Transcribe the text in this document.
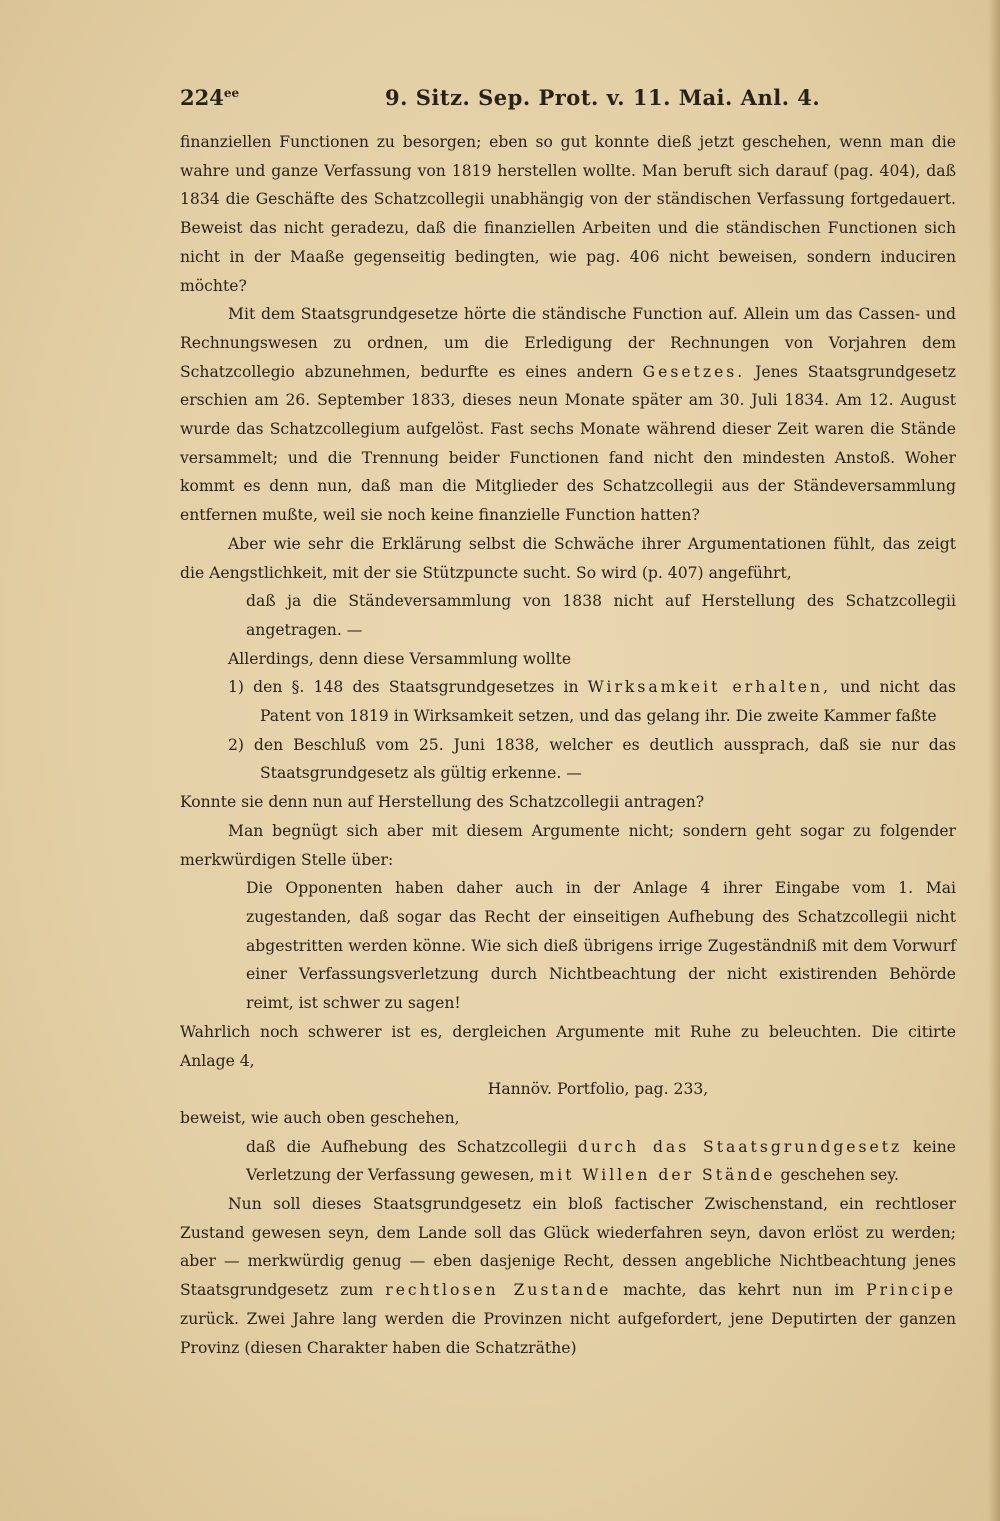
$224^{ee}$	9. Sitz. Sep. Prot. v. 11. Mai. Anl. 4.

finanziellen Functionen zu besorgen; eben so gut konnte dieß jetzt geschehen, wenn man die wahre und ganze Verfassung von 1819 herstellen wollte. Man beruft sich darauf (pag. 404), daß 1834 die Geschäfte des Schatzcollegii unabhängig von der ständischen Verfassung fortgedauert. Beweist das nicht geradezu, daß die finanziellen Arbeiten und die ständischen Functionen sich nicht in der Maaße gegenseitig bedingten, wie pag. 406 nicht beweisen, sondern induciren möchte?

Mit dem Staatsgrundgesetze hörte die ständische Function auf. Allein um das Cassen- und Rechnungswesen zu ordnen, um die Erledigung der Rechnungen von Vorjahren dem Schatzcollegio abzunehmen, bedurfte es eines andern Gesetzes. Jenes Staatsgrundgesetz erschien am 26. September 1833, dieses neun Monate später am 30. Juli 1834. Am 12. August wurde das Schatzcollegium aufgelöst. Fast sechs Monate während dieser Zeit waren die Stände versammelt; und die Trennung beider Functionen fand nicht den mindesten Anstoß. Woher kommt es denn nun, daß man die Mitglieder des Schatzcollegii aus der Ständeversammlung entfernen mußte, weil sie noch keine finanzielle Function hatten?

Aber wie sehr die Erklärung selbst die Schwäche ihrer Argumentationen fühlt, das zeigt die Aengstlichkeit, mit der sie Stützpuncte sucht. So wird (p. 407) angeführt,

daß ja die Ständeversammlung von 1838 nicht auf Herstellung des Schatzcollegii angetragen. —

Allerdings, denn diese Versammlung wollte

1) den §. 148 des Staatsgrundgesetzes in Wirksamkeit erhalten, und nicht das Patent von 1819 in Wirksamkeit setzen, und das gelang ihr. Die zweite Kammer faßte

2) den Beschluß vom 25. Juni 1838, welcher es deutlich aussprach, daß sie nur das Staatsgrundgesetz als gültig erkenne. —

Konnte sie denn nun auf Herstellung des Schatzcollegii antragen?

Man begnügt sich aber mit diesem Argumente nicht; sondern geht sogar zu folgender merkwürdigen Stelle über:

Die Opponenten haben daher auch in der Anlage 4 ihrer Eingabe vom 1. Mai zugestanden, daß sogar das Recht der einseitigen Aufhebung des Schatzcollegii nicht abgestritten werden könne. Wie sich dieß übrigens irrige Zugeständniß mit dem Vorwurf einer Verfassungsverletzung durch Nichtbeachtung der nicht existirenden Behörde reimt, ist schwer zu sagen!

Wahrlich noch schwerer ist es, dergleichen Argumente mit Ruhe zu beleuchten. Die citirte Anlage 4,

Hannöv. Portfolio, pag. 233,

beweist, wie auch oben geschehen,

daß die Aufhebung des Schatzcollegii durch das Staatsgrundgesetz keine Verletzung der Verfassung gewesen, mit Willen der Stände geschehen sey.

Nun soll dieses Staatsgrundgesetz ein bloß factischer Zwischenstand, ein rechtloser Zustand gewesen seyn, dem Lande soll das Glück wiederfahren seyn, davon erlöst zu werden; aber — merkwürdig genug — eben dasjenige Recht, dessen angebliche Nichtbeachtung jenes Staatsgrundgesetz zum rechtlosen Zustande machte, das kehrt nun im Principe zurück. Zwei Jahre lang werden die Provinzen nicht aufgefordert, jene Deputirten der ganzen Provinz (diesen Charakter haben die Schatzräthe)
